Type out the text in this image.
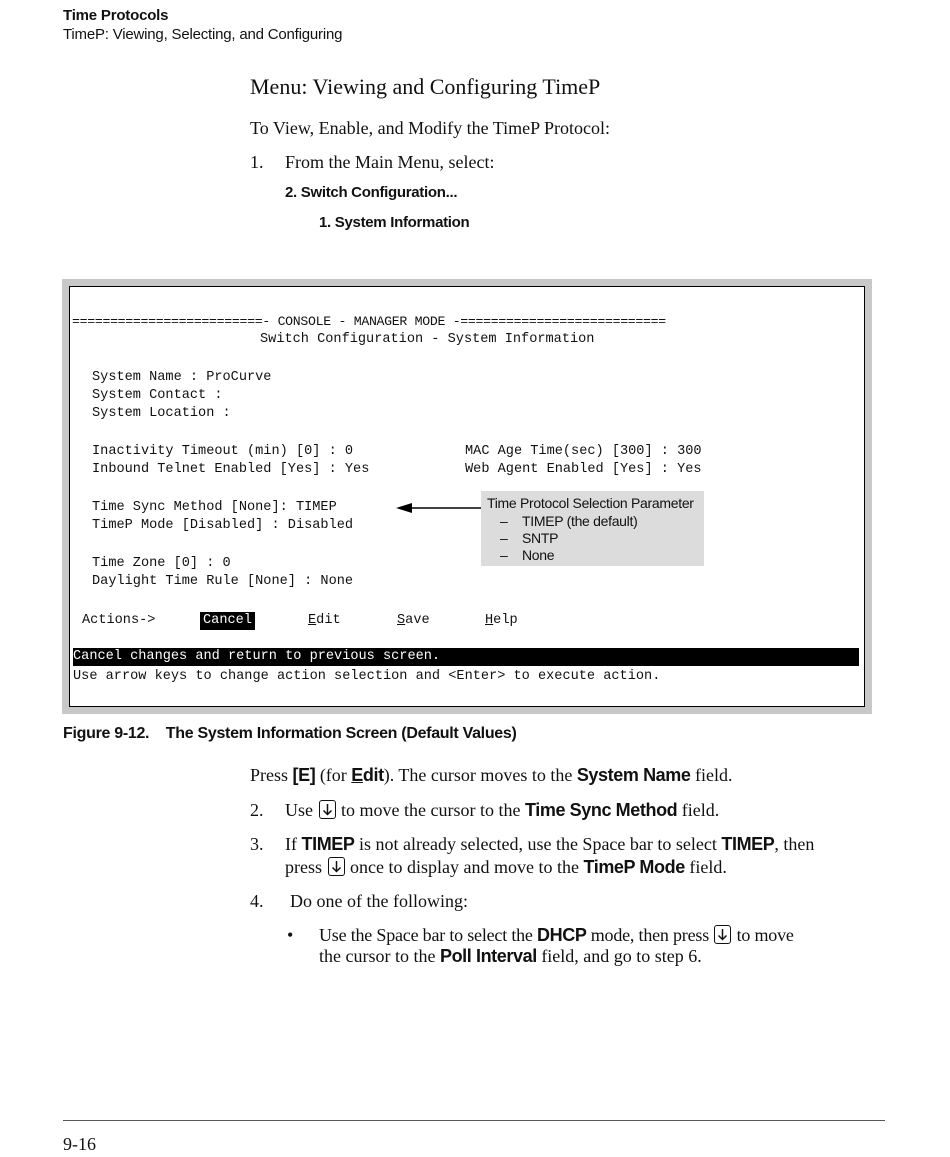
Time Protocols
TimeP: Viewing, Selecting, and Configuring
Menu: Viewing and Configuring TimeP
To View, Enable, and Modify the TimeP Protocol:
1. From the Main Menu, select:
2. Switch Configuration...
1. System Information
=========================- CONSOLE - MANAGER MODE -===========================
Switch Configuration - System Information
System Name : ProCurve
System Contact :
System Location :
Inactivity Timeout (min) [0] : 0	MAC Age Time(sec) [300] : 300
Inbound Telnet Enabled [Yes] : Yes	Web Agent Enabled [Yes] : Yes
Time Sync Method [None]: TIMEP
TimeP Mode [Disabled] : Disabled
Time Zone [0] : 0
Daylight Time Rule [None] : None
Actions->	Cancel	Edit	Save	Help
Cancel changes and return to previous screen.
Use arrow keys to change action selection and <Enter> to execute action.
Time Protocol Selection Parameter
– TIMEP (the default)
– SNTP
– None
Figure 9-12.    The System Information Screen (Default Values)
Press [E] (for Edit). The cursor moves to the System Name field.
2. Use
to move the cursor to the Time Sync Method field.
3. If TIMEP is not already selected, use the Space bar to select TIMEP, then
press
once to display and move to the TimeP Mode field.
4. Do one of the following:
• Use the Space bar to select the DHCP mode, then press
to move
the cursor to the Poll Interval field, and go to step 6.
9-16
